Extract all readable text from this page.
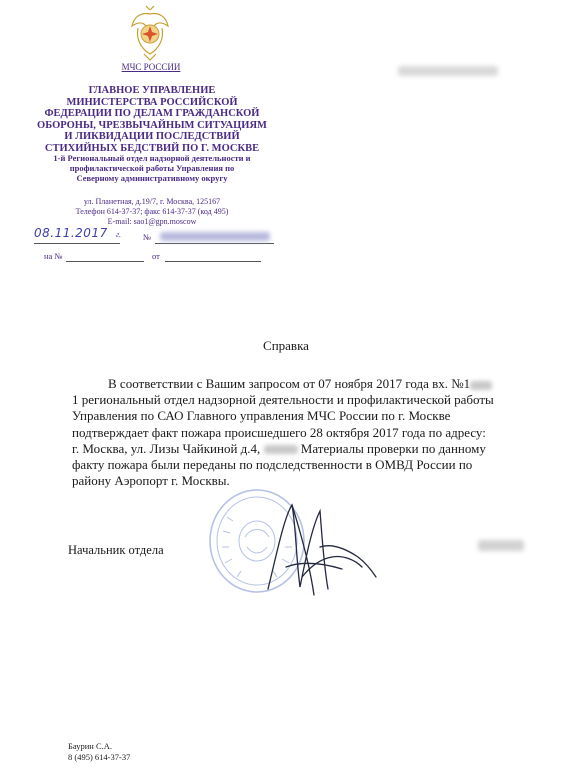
МЧС РОССИИ
ГЛАВНОЕ УПРАВЛЕНИЕ
МИНИСТЕРСТВА РОССИЙСКОЙ
ФЕДЕРАЦИИ ПО ДЕЛАМ ГРАЖДАНСКОЙ
ОБОРОНЫ, ЧРЕЗВЫЧАЙНЫМ СИТУАЦИЯМ
И ЛИКВИДАЦИИ ПОСЛЕДСТВИЙ
СТИХИЙНЫХ БЕДСТВИЙ ПО Г. МОСКВЕ
1-й Региональный отдел надзорной деятельности и
профилактической работы Управления по
Северному административному округу
ул. Планетная, д.19/7, г. Москва, 125167
Телефон 614-37-37; факс 614-37-37 (код 495)
E-mail: sao1@gpn.moscow
08.11.2017 г.	№
на №	от
Справка
В соответствии с Вашим запросом от 07 ноября 2017 года вх. №1
1 региональный отдел надзорной деятельности и профилактической работы
Управления по САО Главного управления МЧС России по г. Москве
подтверждает факт пожара происшедшего 28 октября 2017 года по адресу:
г. Москва, ул. Лизы Чайкиной д.4,	Материалы проверки по данному
факту пожара были переданы по подследственности в ОМВД России по
району Аэропорт г. Москвы.
Начальник отдела
Баурин С.А.
8 (495) 614-37-37
